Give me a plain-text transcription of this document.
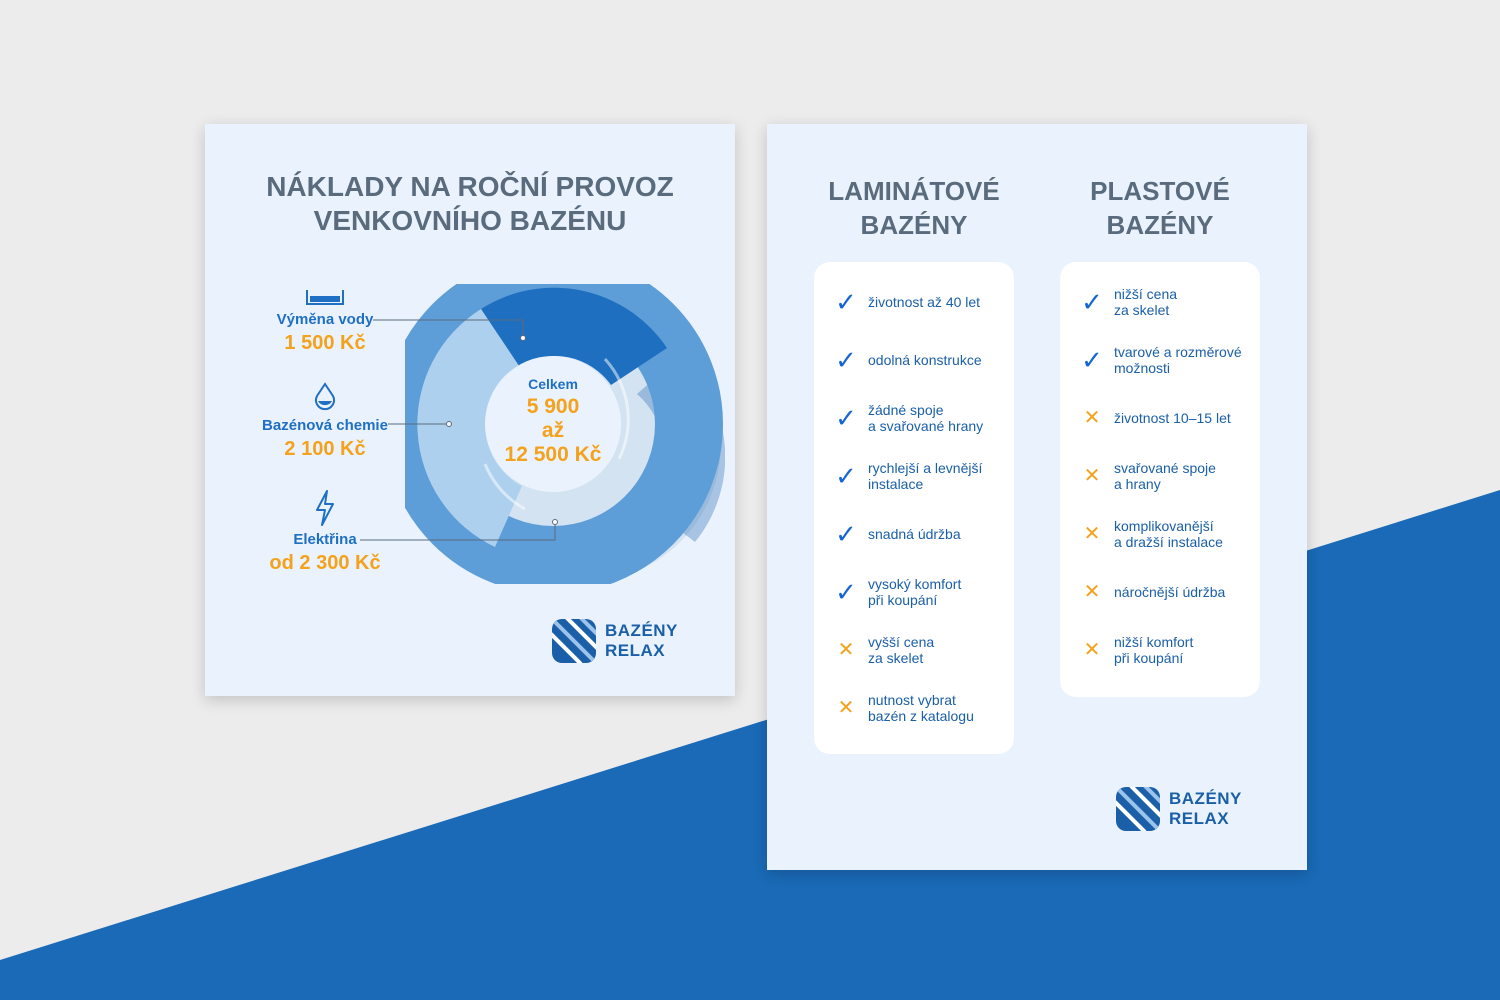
NÁKLADY NA ROČNÍ PROVOZ
VENKOVNÍHO BAZÉNU
Výměna vody
1 500 Kč
Bazénová chemie
2 100 Kč
Elektřina
od 2 300 Kč
Celkem
5 900
až
12 500 Kč
BAZÉNY
RELAX
LAMINÁTOVÉ
BAZÉNY
PLASTOVÉ
BAZÉNY
✓ životnost až 40 let
✓ odolná konstrukce
✓ žádné spoje
a svařované hrany
✓ rychlejší a levnější
instalace
✓ snadná údržba
✓ vysoký komfort
při koupání
✕ vyšší cena
za skelet
✕ nutnost vybrat
bazén z katalogu
✓ nižší cena
za skelet
✓ tvarové a rozměrové
možnosti
✕ životnost 10–15 let
✕ svařované spoje
a hrany
✕ komplikovanější
a dražší instalace
✕ náročnější údržba
✕ nižší komfort
při koupání
BAZÉNY
RELAX
